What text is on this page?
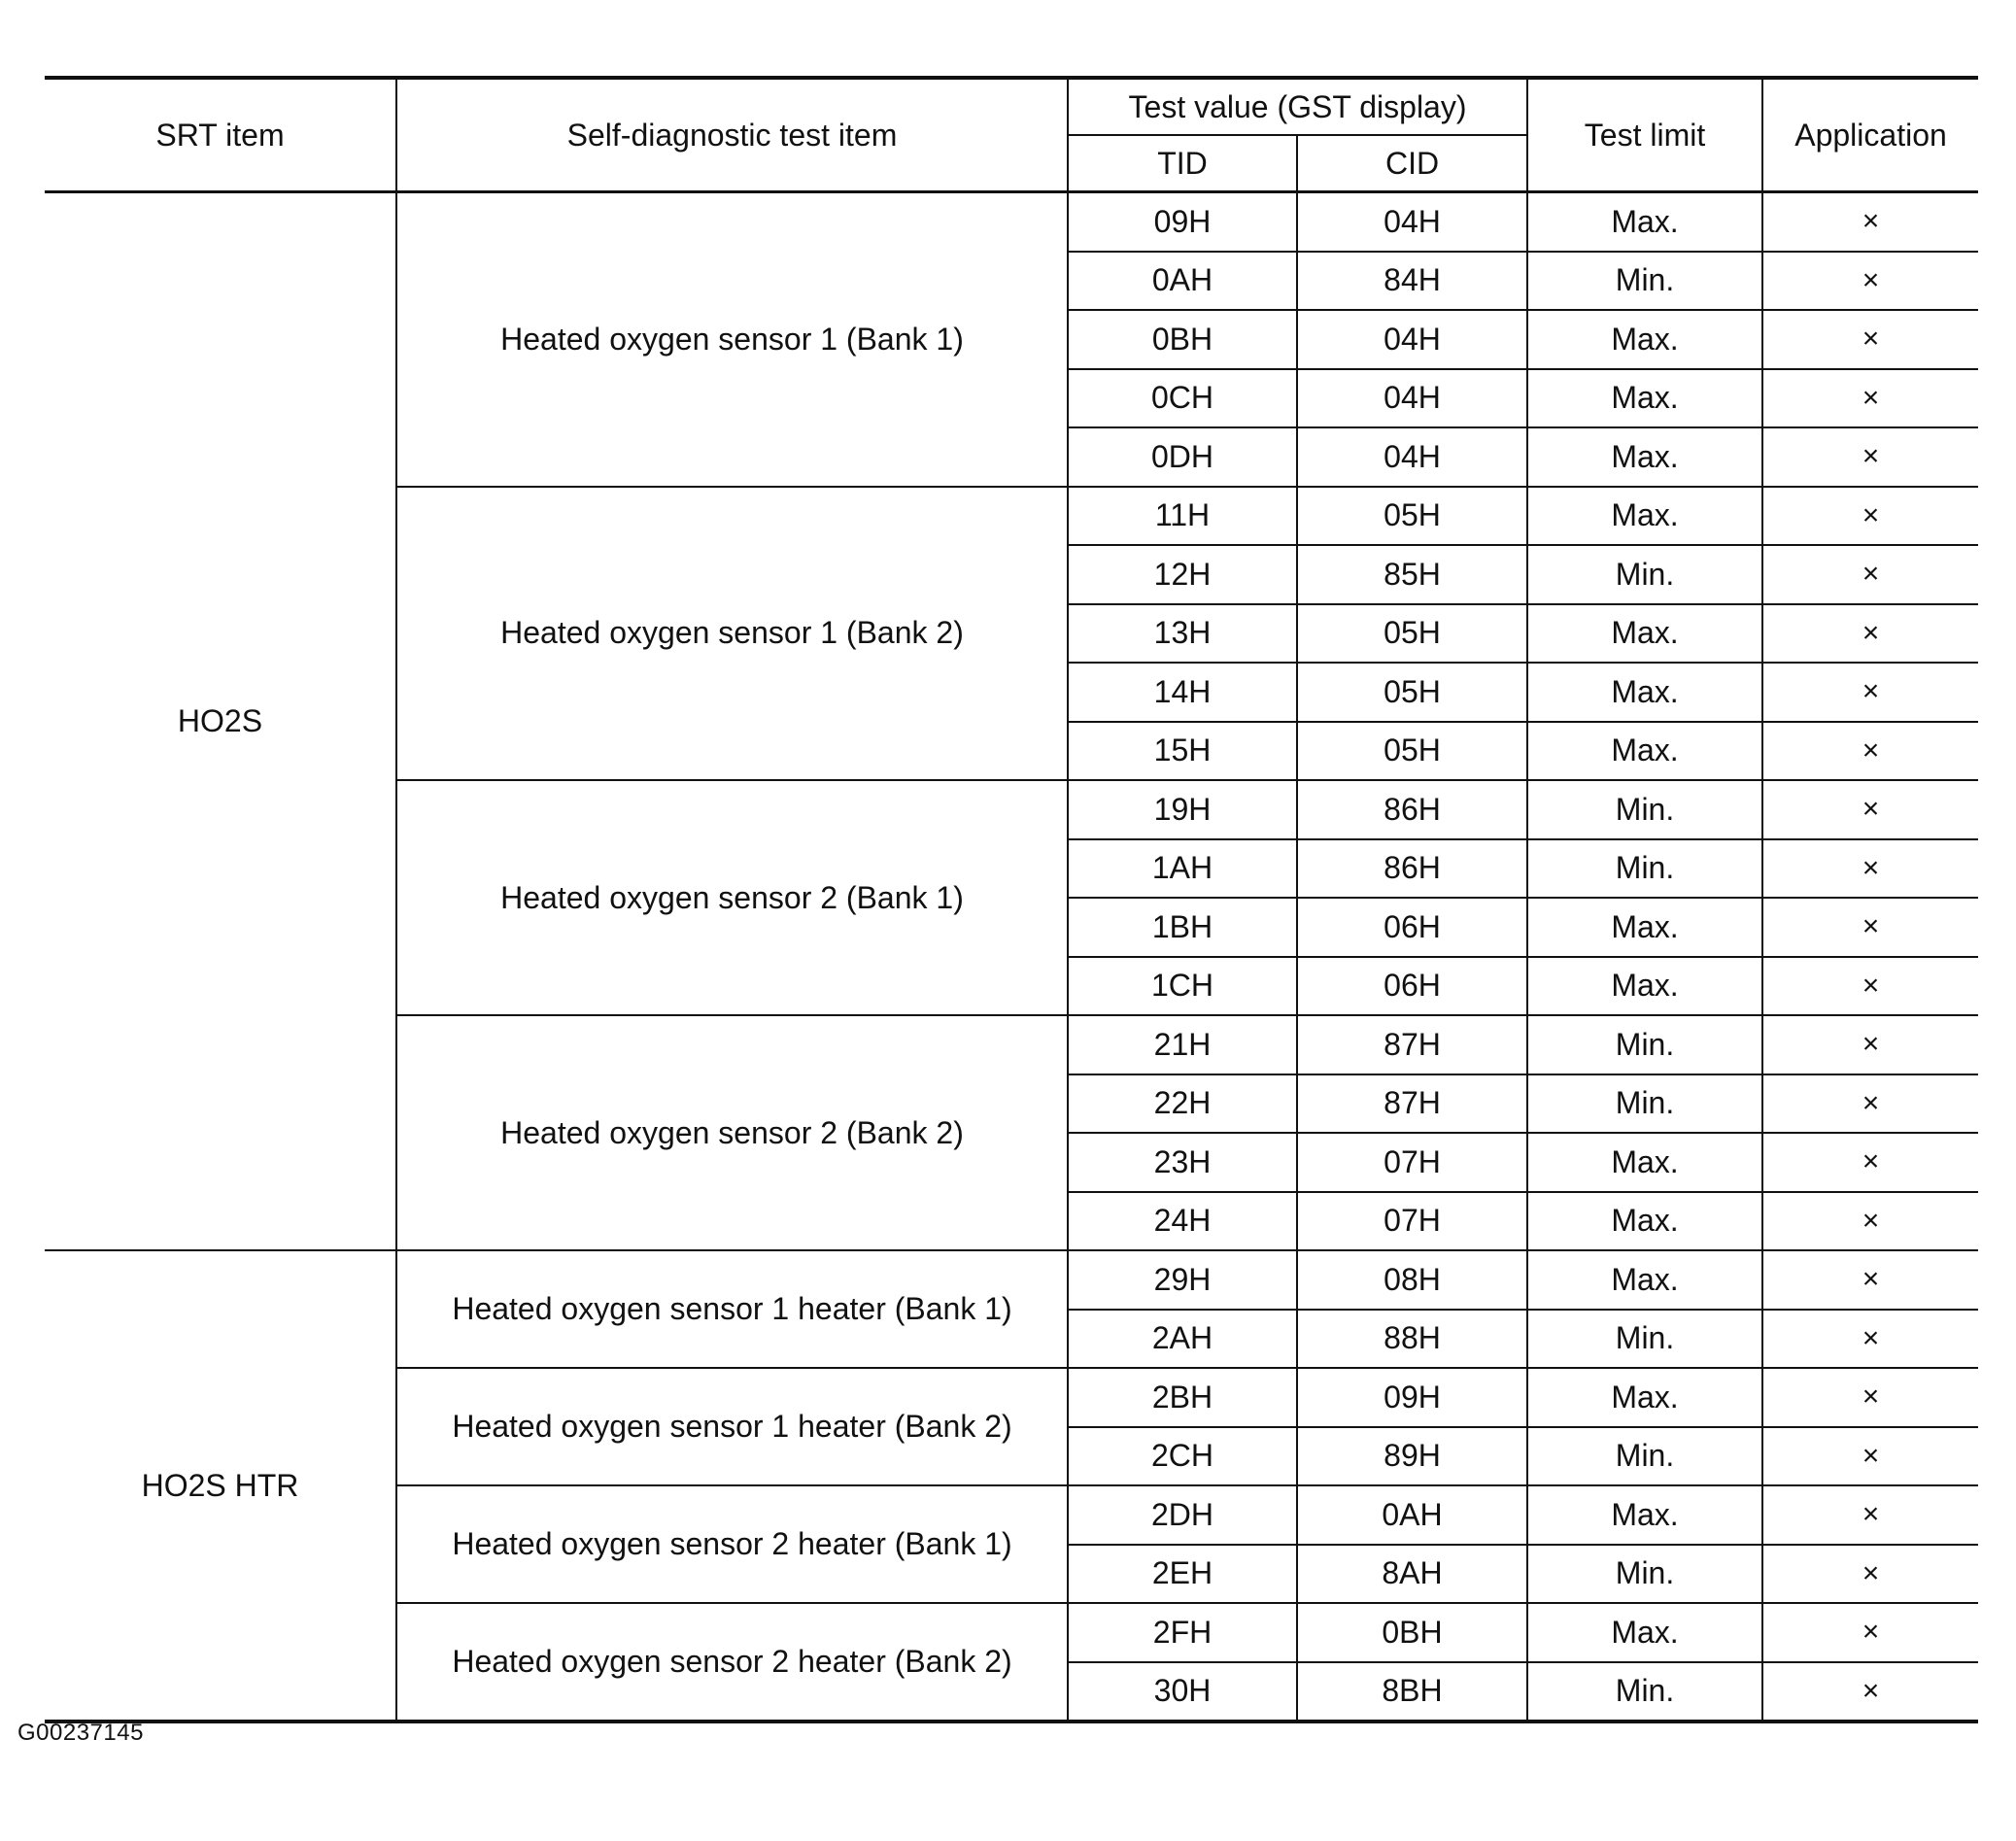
SRT item	Self-diagnostic test item	Test value (GST display)		Test limit	Application
		TID	CID		
HO2S	Heated oxygen sensor 1 (Bank 1)	09H	04H	Max.	×
		0AH	84H	Min.	×
		0BH	04H	Max.	×
		0CH	04H	Max.	×
		0DH	04H	Max.	×
	Heated oxygen sensor 1 (Bank 2)	11H	05H	Max.	×
		12H	85H	Min.	×
		13H	05H	Max.	×
		14H	05H	Max.	×
		15H	05H	Max.	×
	Heated oxygen sensor 2 (Bank 1)	19H	86H	Min.	×
		1AH	86H	Min.	×
		1BH	06H	Max.	×
		1CH	06H	Max.	×
	Heated oxygen sensor 2 (Bank 2)	21H	87H	Min.	×
		22H	87H	Min.	×
		23H	07H	Max.	×
		24H	07H	Max.	×
HO2S HTR	Heated oxygen sensor 1 heater (Bank 1)	29H	08H	Max.	×
		2AH	88H	Min.	×
	Heated oxygen sensor 1 heater (Bank 2)	2BH	09H	Max.	×
		2CH	89H	Min.	×
	Heated oxygen sensor 2 heater (Bank 1)	2DH	0AH	Max.	×
		2EH	8AH	Min.	×
	Heated oxygen sensor 2 heater (Bank 2)	2FH	0BH	Max.	×
		30H	8BH	Min.	×
G00237145
